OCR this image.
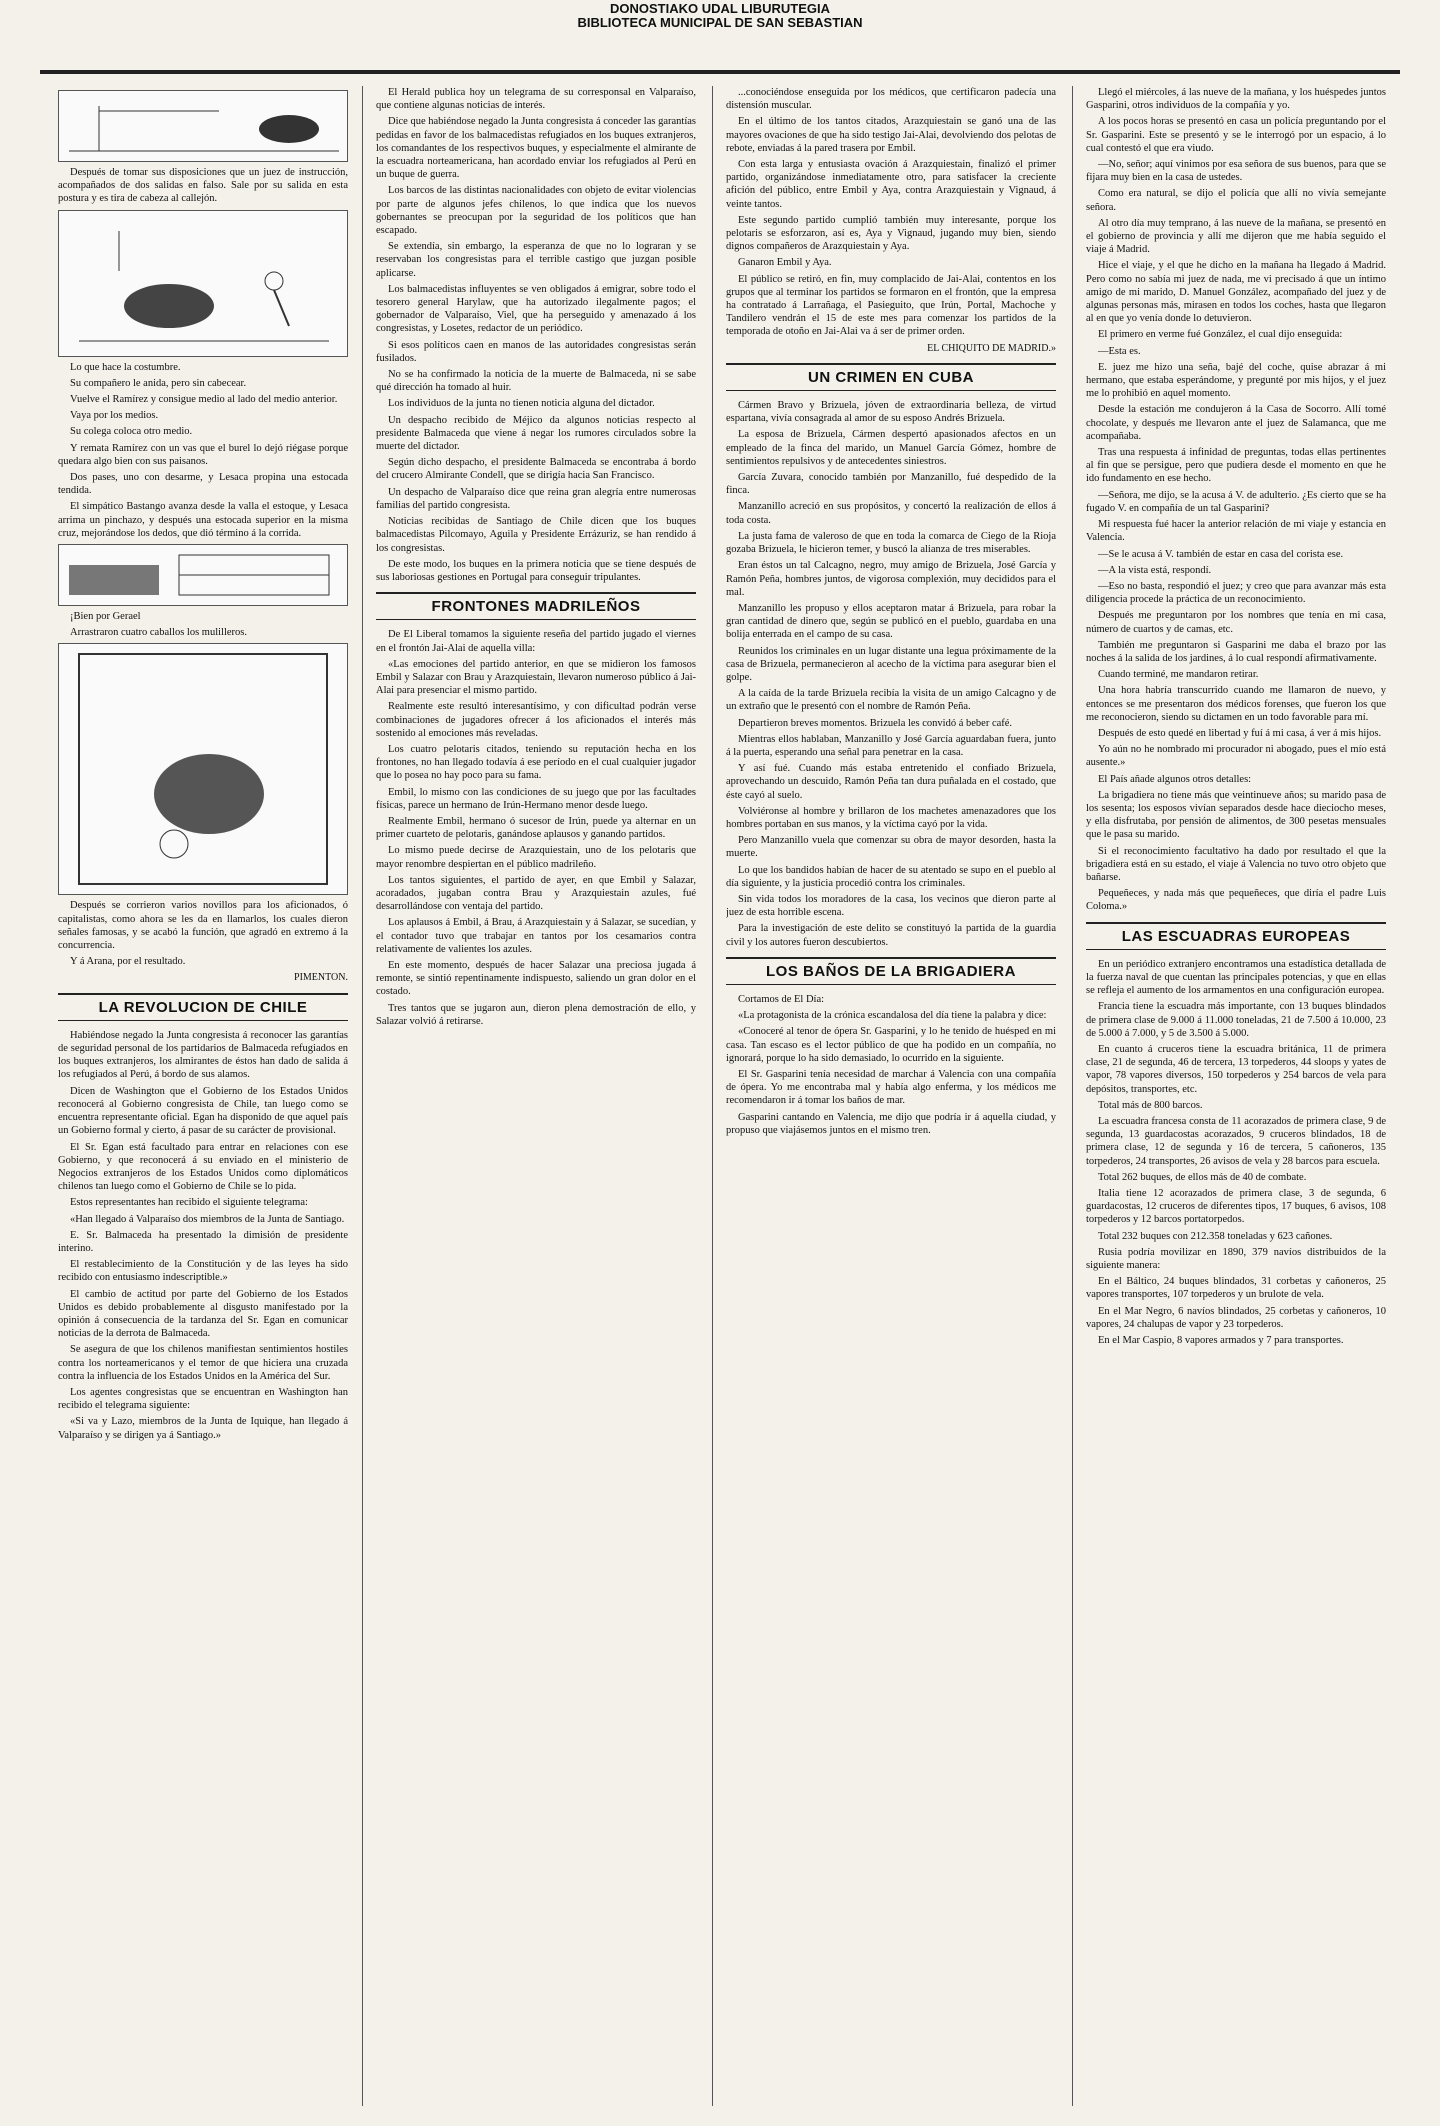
DONOSTIAKO UDAL LIBURUTEGIA
BIBLIOTECA MUNICIPAL DE SAN SEBASTIAN

Después de tomar sus disposiciones que un juez de instrucción, acompañados de dos salidas en falso. Sale por su salida en esta postura y es tira de cabeza al callejón.

Lo que hace la costumbre.

Su compañero le anida, pero sin cabecear.

Vuelve el Ramírez y consigue medio al lado del medio anterior.

Vaya por los medios.

Su colega coloca otro medio.

Y remata Ramírez con un vas que el burel lo dejó riégase porque quedara algo bien con sus paisanos.

Dos pases, uno con desarme, y Lesaca propina una estocada tendida.

El simpático Bastango avanza desde la valla el estoque, y Lesaca arrima un pinchazo, y después una estocada superior en la misma cruz, mejorándose los dedos, que dió término á la corrida.

¡Bien por Gerael

Arrastraron cuatro caballos los mulilleros.

Después se corrieron varios novillos para los aficionados, ó capitalistas, como ahora se les da en llamarlos, los cuales dieron señales famosas, y se acabó la función, que agradó en extremo á la concurrencia.

Y á Arana, por el resultado.

PIMENTON.
LA REVOLUCION DE CHILE

Habiéndose negado la Junta congresista á reconocer las garantías de seguridad personal de los partidarios de Balmaceda refugiados en los buques extranjeros, los almirantes de éstos han dado de salida á los refugiados al Perú, á bordo de sus alamos.

Dicen de Washington que el Gobierno de los Estados Unidos reconocerá al Gobierno congresista de Chile, tan luego como se encuentra representante oficial. Egan ha disponido de que aquel país un Gobierno formal y cierto, á pasar de su carácter de provisional.

El Sr. Egan está facultado para entrar en relaciones con ese Gobierno, y que reconocerá á su enviado en el ministerio de Negocios extranjeros de los Estados Unidos como diplomáticos chilenos tan luego como el Gobierno de Chile se lo pida.

Estos representantes han recibido el siguiente telegrama:

«Han llegado á Valparaíso dos miembros de la Junta de Santiago.

E. Sr. Balmaceda ha presentado la dimisión de presidente interino.

El restablecimiento de la Constitución y de las leyes ha sido recibido con entusiasmo indescriptible.»

El cambio de actitud por parte del Gobierno de los Estados Unidos es debido probablemente al disgusto manifestado por la opinión á consecuencia de la tardanza del Sr. Egan en comunicar noticias de la derrota de Balmaceda.

Se asegura de que los chilenos manifiestan sentimientos hostiles contra los norteamericanos y el temor de que hiciera una cruzada contra la influencia de los Estados Unidos en la América del Sur.

Los agentes congresistas que se encuentran en Washington han recibido el telegrama siguiente:

«Si va y Lazo, miembros de la Junta de Iquique, han llegado á Valparaíso y se dirigen ya á Santiago.»

El Herald publica hoy un telegrama de su corresponsal en Valparaíso, que contiene algunas noticias de interés.

Dice que habiéndose negado la Junta congresista á conceder las garantías pedidas en favor de los balmacedistas refugiados en los buques extranjeros, los comandantes de los respectivos buques, y especialmente el almirante de la escuadra norteamericana, han acordado enviar los refugiados al Perú en un buque de guerra.

Los barcos de las distintas nacionalidades con objeto de evitar violencias por parte de algunos jefes chilenos, lo que indica que los nuevos gobernantes se preocupan por la seguridad de los políticos que han escapado.

Se extendía, sin embargo, la esperanza de que no lo lograran y se reservaban los congresistas para el terrible castigo que juzgan posible aplicarse.

Los balmacedistas influyentes se ven obligados á emigrar, sobre todo el tesorero general Harylaw, que ha autorizado ilegalmente pagos; el gobernador de Valparaíso, Viel, que ha perseguido y amenazado á los congresistas, y Losetes, redactor de un periódico.

Si esos políticos caen en manos de las autoridades congresistas serán fusilados.

No se ha confirmado la noticia de la muerte de Balmaceda, ni se sabe qué dirección ha tomado al huir.

Los individuos de la junta no tienen noticia alguna del dictador.

Un despacho recibido de Méjico da algunos noticias respecto al presidente Balmaceda que viene á negar los rumores circulados sobre la muerte del dictador.

Según dicho despacho, el presidente Balmaceda se encontraba á bordo del crucero Almirante Condell, que se dirigía hacia San Francisco.

Un despacho de Valparaíso dice que reina gran alegría entre numerosas familias del partido congresista.

Noticias recibidas de Santiago de Chile dicen que los buques balmacedistas Pilcomayo, Aguila y Presidente Errázuriz, se han rendido á los congresistas.

De este modo, los buques en la primera noticia que se tiene después de sus laboriosas gestiones en Portugal para conseguir tripulantes.

FRONTONES MADRILEÑOS

De El Liberal tomamos la siguiente reseña del partido jugado el viernes en el frontón Jai-Alai de aquella villa:

«Las emociones del partido anterior, en que se midieron los famosos Embil y Salazar con Brau y Arazquiestain, llevaron numeroso público á Jai-Alai para presenciar el mismo partido.

Realmente este resultó interesantísimo, y con dificultad podrán verse combinaciones de jugadores ofrecer á los aficionados el interés más sostenido al emociones más reveladas.

Los cuatro pelotaris citados, teniendo su reputación hecha en los frontones, no han llegado todavía á ese período en el cual cualquier jugador que lo posea no hay poco para su fama.

Embil, lo mismo con las condiciones de su juego que por las facultades físicas, parece un hermano de Irún-Hermano menor desde luego.

Realmente Embil, hermano ó sucesor de Irún, puede ya alternar en un primer cuarteto de pelotaris, ganándose aplausos y ganando partidos.

Lo mismo puede decirse de Arazquiestain, uno de los pelotaris que mayor renombre despiertan en el público madrileño.

Los tantos siguientes, el partido de ayer, en que Embil y Salazar, acoradados, jugaban contra Brau y Arazquiestain azules, fué desarrollándose con ventaja del partido.

Los aplausos á Embil, á Brau, á Arazquiestain y á Salazar, se sucedían, y el contador tuvo que trabajar en tantos por los cesamarios contra relativamente de valientes los azules.

En este momento, después de hacer Salazar una preciosa jugada á remonte, se sintió repentinamente indispuesto, saliendo un gran dolor en el costado.

Tres tantos que se jugaron aun, dieron plena demostración de ello, y Salazar volvió á retirarse.

...conociéndose enseguida por los médicos, que certificaron padecía una distensión muscular.

En el último de los tantos citados, Arazquiestain se ganó una de las mayores ovaciones de que ha sido testigo Jai-Alai, devolviendo dos pelotas de rebote, enviadas á la pared trasera por Embil.

Con esta larga y entusiasta ovación á Arazquiestain, finalizó el primer partido, organizándose inmediatamente otro, para satisfacer la creciente afición del público, entre Embil y Aya, contra Arazquiestain y Vignaud, á veinte tantos.

Este segundo partido cumplió también muy interesante, porque los pelotaris se esforzaron, así es, Aya y Vignaud, jugando muy bien, siendo dignos compañeros de Arazquiestain y Aya.

Ganaron Embil y Aya.

El público se retiró, en fin, muy complacido de Jai-Alai, contentos en los grupos que al terminar los partidos se formaron en el frontón, que la empresa ha contratado á Larrañaga, el Pasieguito, que Irún, Portal, Machoche y Tandilero vendrán el 15 de este mes para comenzar los partidos de la temporada de otoño en Jai-Alai va á ser de primer orden.

EL CHIQUITO DE MADRID.»
UN CRIMEN EN CUBA

Cármen Bravo y Brizuela, jóven de extraordinaria belleza, de virtud espartana, vivía consagrada al amor de su esposo Andrés Brizuela.

La esposa de Brizuela, Cármen despertó apasionados afectos en un empleado de la finca del marido, un Manuel García Gómez, hombre de sentimientos repulsivos y de antecedentes siniestros.

García Zuvara, conocido también por Manzanillo, fué despedido de la finca.

Manzanillo acreció en sus propósitos, y concertó la realización de ellos á toda costa.

La justa fama de valeroso de que en toda la comarca de Ciego de la Rioja gozaba Brizuela, le hicieron temer, y buscó la alianza de tres miserables.

Eran éstos un tal Calcagno, negro, muy amigo de Brizuela, José García y Ramón Peña, hombres juntos, de vigorosa complexión, muy decididos para el mal.

Manzanillo les propuso y ellos aceptaron matar á Brizuela, para robar la gran cantidad de dinero que, según se publicó en el pueblo, guardaba en una bolija enterrada en el campo de su casa.

Reunidos los criminales en un lugar distante una legua próximamente de la casa de Brizuela, permanecieron al acecho de la víctima para asegurar bien el golpe.

A la caída de la tarde Brizuela recibía la visita de un amigo Calcagno y de un extraño que le presentó con el nombre de Ramón Peña.

Departieron breves momentos. Brizuela les convidó á beber café.

Mientras ellos hablaban, Manzanillo y José García aguardaban fuera, junto á la puerta, esperando una señal para penetrar en la casa.

Y así fué. Cuando más estaba entretenido el confiado Brizuela, aprovechando un descuido, Ramón Peña tan dura puñalada en el costado, que éste cayó al suelo.

Volviéronse al hombre y brillaron de los machetes amenazadores que los hombres portaban en sus manos, y la víctima cayó por la vida.

Pero Manzanillo vuela que comenzar su obra de mayor desorden, hasta la muerte.

Lo que los bandidos habían de hacer de su atentado se supo en el pueblo al día siguiente, y la justicia procedió contra los criminales.

Sin vida todos los moradores de la casa, los vecinos que dieron parte al juez de esta horrible escena.

Para la investigación de este delito se constituyó la partida de la guardia civil y los autores fueron descubiertos.

LOS BAÑOS DE LA BRIGADIERA

Cortamos de El Día:

«La protagonista de la crónica escandalosa del día tiene la palabra y dice:

«Conoceré al tenor de ópera Sr. Gasparini, y lo he tenido de huésped en mi casa. Tan escaso es el lector público de que ha podido en un compañía, no ignorará, porque lo ha sido demasiado, lo ocurrido en la siguiente.

El Sr. Gasparini tenía necesidad de marchar á Valencia con una compañía de ópera. Yo me encontraba mal y había algo enferma, y los médicos me recomendaron ir á tomar los baños de mar.

Gasparini cantando en Valencia, me dijo que podría ir á aquella ciudad, y propuso que viajásemos juntos en el mismo tren.

Llegó el miércoles, á las nueve de la mañana, y los huéspedes juntos Gasparini, otros individuos de la compañía y yo.

A los pocos horas se presentó en casa un policía preguntando por el Sr. Gasparini. Este se presentó y se le interrogó por un espacio, á lo cual contestó el que era viudo.

—No, señor; aquí vinimos por esa señora de sus buenos, para que se fijara muy bien en la casa de ustedes.

Como era natural, se dijo el policía que allí no vivía semejante señora.

Al otro día muy temprano, á las nueve de la mañana, se presentó en el gobierno de provincia y allí me dijeron que me había seguido el viaje á Madrid.

Hice el viaje, y el que he dicho en la mañana ha llegado á Madrid. Pero como no sabía mi juez de nada, me vi precisado á que un íntimo amigo de mi marido, D. Manuel González, acompañado del juez y de algunas personas más, mirasen en todos los coches, hasta que llegaron al en que yo venía donde lo detuvieron.

El primero en verme fué González, el cual dijo enseguida:

—Esta es.

E. juez me hizo una seña, bajé del coche, quise abrazar á mi hermano, que estaba esperándome, y pregunté por mis hijos, y el juez me lo prohibió en aquel momento.

Desde la estación me condujeron á la Casa de Socorro. Allí tomé chocolate, y después me llevaron ante el juez de Salamanca, que me acompañaba.

Tras una respuesta á infinidad de preguntas, todas ellas pertinentes al fin que se persigue, pero que pudiera desde el momento en que he ido fundamento en ese hecho.

—Señora, me dijo, se la acusa á V. de adulterio. ¿Es cierto que se ha fugado V. en compañía de un tal Gasparini?

Mi respuesta fué hacer la anterior relación de mi viaje y estancia en Valencia.

—Se le acusa á V. también de estar en casa del corista ese.

—A la vista está, respondí.

—Eso no basta, respondió el juez; y creo que para avanzar más esta diligencia procede la práctica de un reconocimiento.

Después me preguntaron por los nombres que tenía en mi casa, número de cuartos y de camas, etc.

También me preguntaron si Gasparini me daba el brazo por las noches á la salida de los jardines, á lo cual respondí afirmativamente.

Cuando terminé, me mandaron retirar.

Una hora habría transcurrido cuando me llamaron de nuevo, y entonces se me presentaron dos médicos forenses, que fueron los que me reconocieron, siendo su dictamen en un todo favorable para mí.

Después de esto quedé en libertad y fuí á mi casa, á ver á mis hijos.

Yo aún no he nombrado mi procurador ni abogado, pues el mío está ausente.»

El País añade algunos otros detalles:

La brigadiera no tiene más que veintinueve años; su marido pasa de los sesenta; los esposos vivían separados desde hace dieciocho meses, y ella disfrutaba, por pensión de alimentos, de 300 pesetas mensuales que le pasa su marido.

Si el reconocimiento facultativo ha dado por resultado el que la brigadiera está en su estado, el viaje á Valencia no tuvo otro objeto que bañarse.

Pequeñeces, y nada más que pequeñeces, que diría el padre Luis Coloma.»

LAS ESCUADRAS EUROPEAS

En un periódico extranjero encontramos una estadística detallada de la fuerza naval de que cuentan las principales potencias, y que en ellas se refleja el aumento de los armamentos en una configuración europea.

Francia tiene la escuadra más importante, con 13 buques blindados de primera clase de 9.000 á 11.000 toneladas, 21 de 7.500 á 10.000, 23 de 5.000 á 7.000, y 5 de 3.500 á 5.000.

En cuanto á cruceros tiene la escuadra británica, 11 de primera clase, 21 de segunda, 46 de tercera, 13 torpederos, 44 sloops y yates de vapor, 78 vapores diversos, 150 torpederos y 254 barcos de vela para depósitos, transportes, etc.

Total más de 800 barcos.

La escuadra francesa consta de 11 acorazados de primera clase, 9 de segunda, 13 guardacostas acorazados, 9 cruceros blindados, 18 de primera clase, 12 de segunda y 16 de tercera, 5 cañoneros, 135 torpederos, 24 transportes, 26 avisos de vela y 28 barcos para escuela.

Total 262 buques, de ellos más de 40 de combate.

Italia tiene 12 acorazados de primera clase, 3 de segunda, 6 guardacostas, 12 cruceros de diferentes tipos, 17 buques, 6 avisos, 108 torpederos y 12 barcos portatorpedos.

Total 232 buques con 212.358 toneladas y 623 cañones.

Rusia podría movilizar en 1890, 379 navíos distribuidos de la siguiente manera:

En el Báltico, 24 buques blindados, 31 corbetas y cañoneros, 25 vapores transportes, 107 torpederos y un brulote de vela.

En el Mar Negro, 6 navíos blindados, 25 corbetas y cañoneros, 10 vapores, 24 chalupas de vapor y 23 torpederos.

En el Mar Caspio, 8 vapores armados y 7 para transportes.
